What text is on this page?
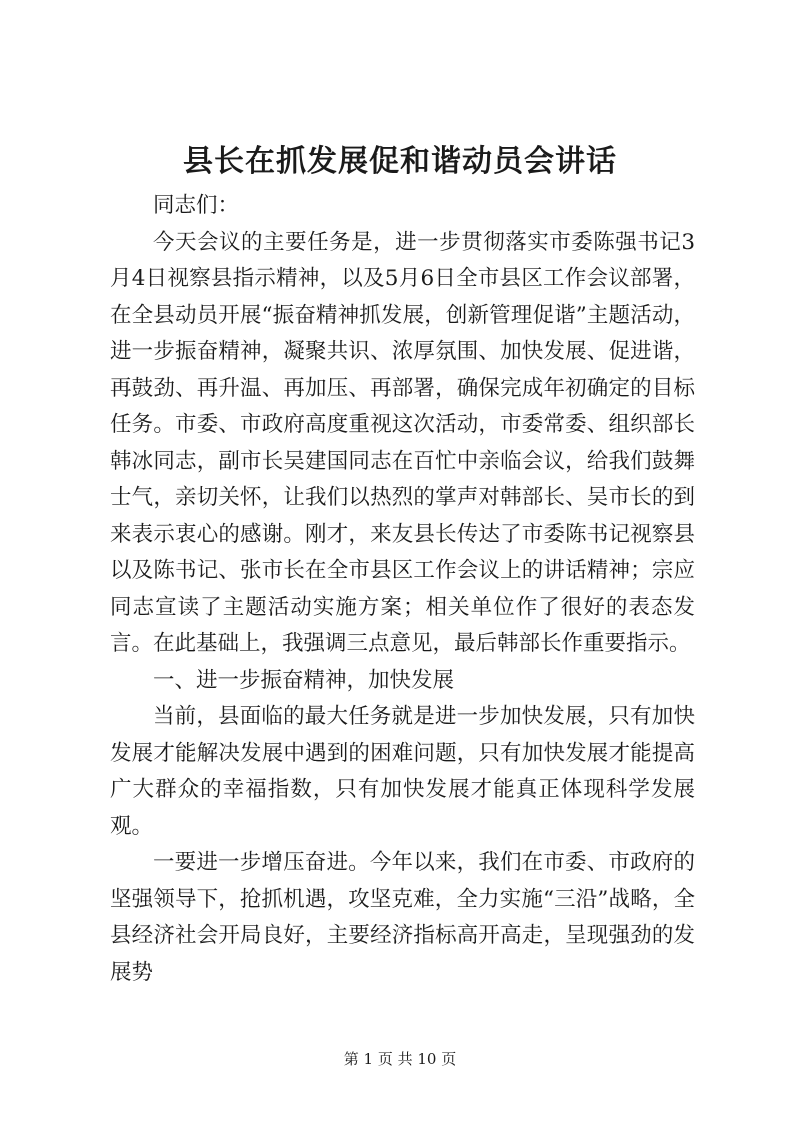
县长在抓发展促和谐动员会讲话

同志们：

今天会议的主要任务是，进一步贯彻落实市委陈强书记3月4日视察县指示精神，以及5月6日全市县区工作会议部署，在全县动员开展“振奋精神抓发展，创新管理促谐”主题活动，进一步振奋精神，凝聚共识、浓厚氛围、加快发展、促进谐，再鼓劲、再升温、再加压、再部署，确保完成年初确定的目标任务。市委、市政府高度重视这次活动，市委常委、组织部长韩冰同志，副市长吴建国同志在百忙中亲临会议，给我们鼓舞士气，亲切关怀，让我们以热烈的掌声对韩部长、吴市长的到来表示衷心的感谢。刚才，来友县长传达了市委陈书记视察县以及陈书记、张市长在全市县区工作会议上的讲话精神；宗应同志宣读了主题活动实施方案；相关单位作了很好的表态发言。在此基础上，我强调三点意见，最后韩部长作重要指示。

一、进一步振奋精神，加快发展

当前，县面临的最大任务就是进一步加快发展，只有加快发展才能解决发展中遇到的困难问题，只有加快发展才能提高广大群众的幸福指数，只有加快发展才能真正体现科学发展观。

一要进一步增压奋进。今年以来，我们在市委、市政府的坚强领导下，抢抓机遇，攻坚克难，全力实施“三沿”战略，全县经济社会开局良好，主要经济指标高开高走，呈现强劲的发展势

第 1 页 共 10 页
